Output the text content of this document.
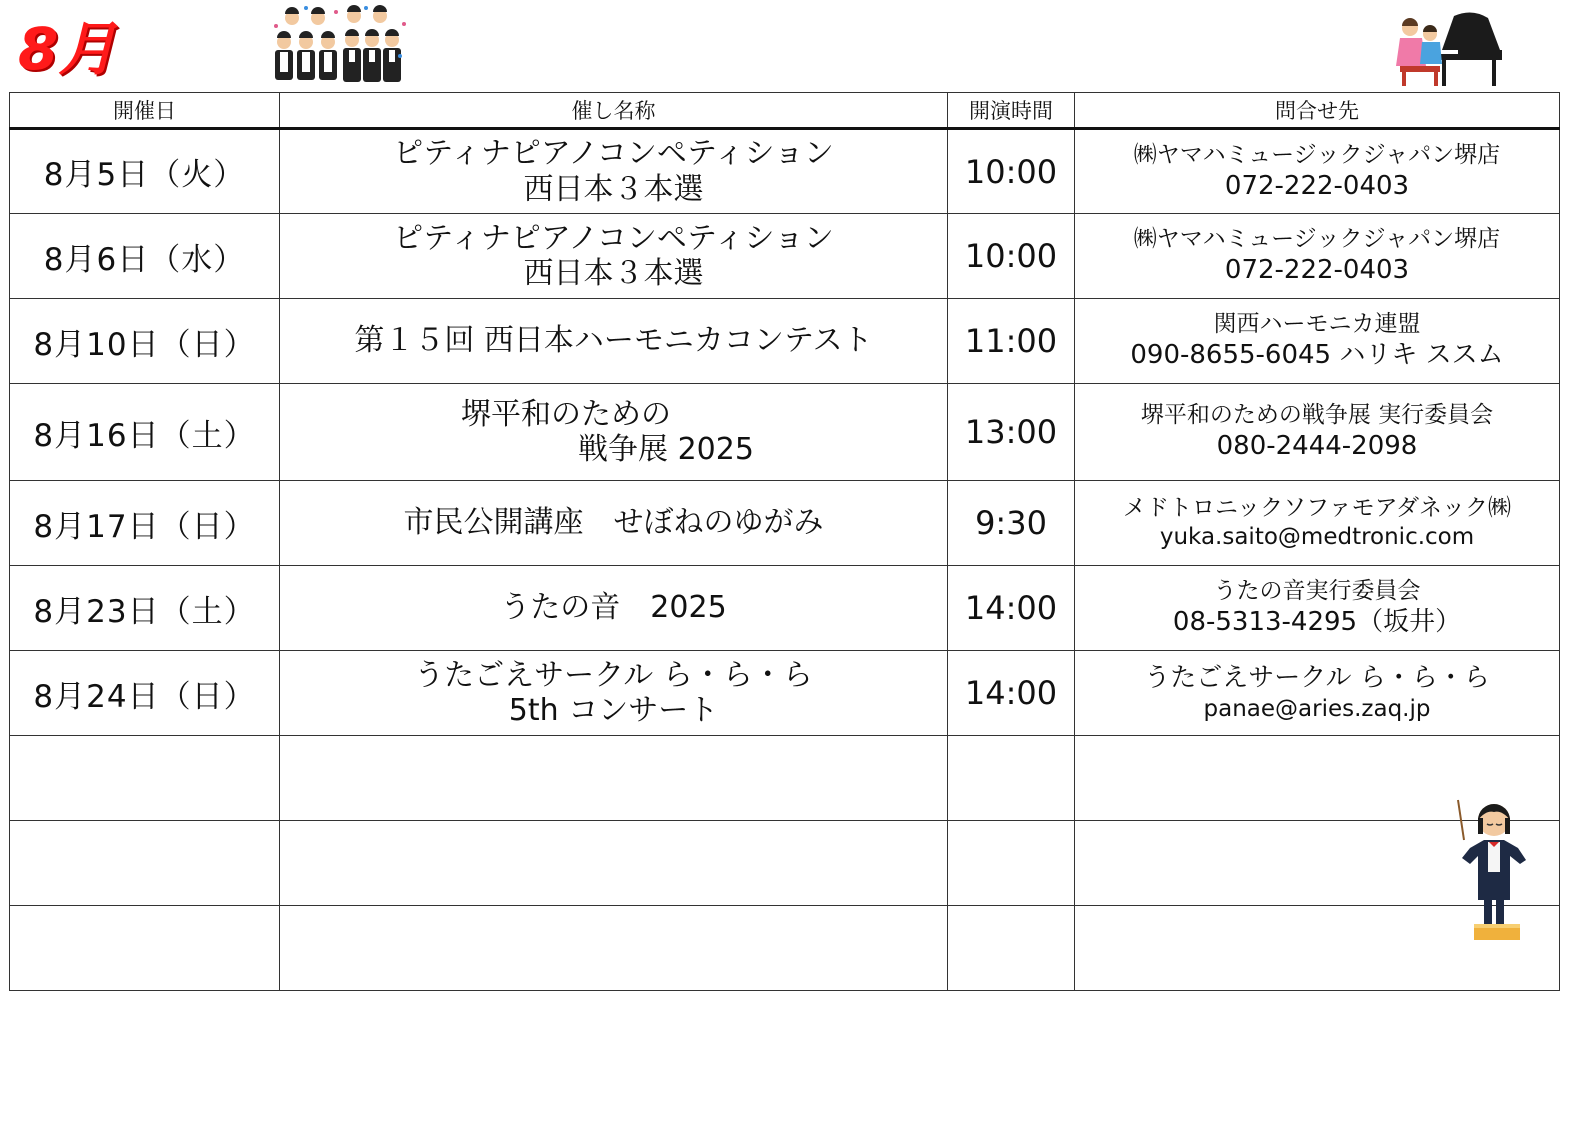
8月
開催日	催し名称	開演時間	問合せ先
8月5日（火）	ピティナピアノコンペティション
西日本３本選	10:00	㈱ヤマハミュージックジャパン堺店
072-222-0403

8月6日（水）	ピティナピアノコンペティション
西日本３本選	10:00	㈱ヤマハミュージックジャパン堺店
072-222-0403

8月10日（日）	第１５回 西日本ハーモニカコンテスト	11:00	関西ハーモニカ連盟
090-8655-6045 ハリキ ススム

8月16日（土）	堺平和のための
戦争展 2025	13:00	堺平和のための戦争展 実行委員会
080-2444-2098

8月17日（日）	市民公開講座　せぼねのゆがみ	9:30	メドトロニックソファモアダネック㈱
yuka.saito@medtronic.com

8月23日（土）	うたの音　2025	14:00	うたの音実行委員会
08-5313-4295（坂井）

8月24日（日）	うたごえサークル ら・ら・ら
5th コンサート	14:00	うたごえサークル ら・ら・ら
panae@aries.zaq.jp
